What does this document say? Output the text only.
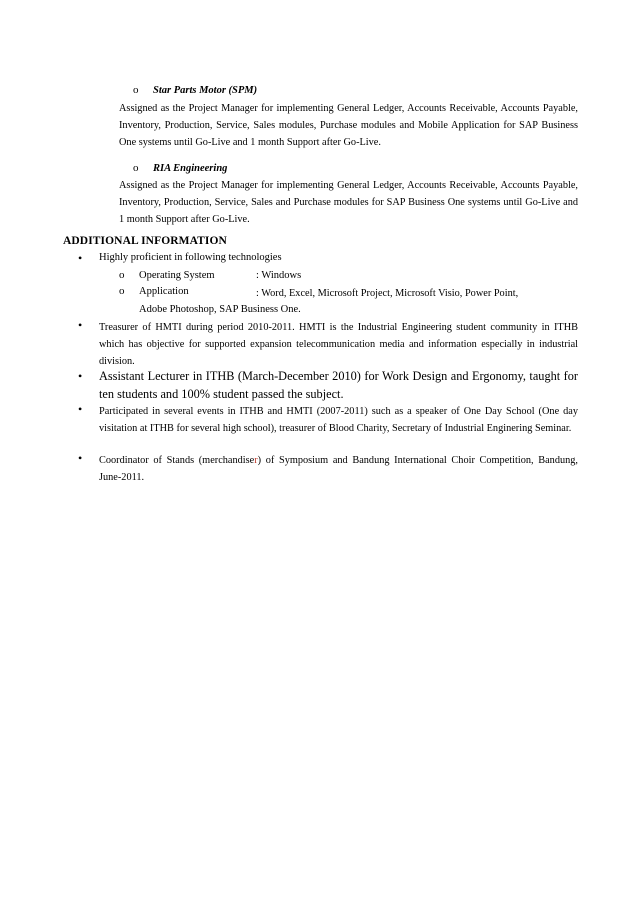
o Star Parts Motor (SPM)
Assigned as the Project Manager for implementing General Ledger, Accounts Receivable, Accounts Payable, Inventory, Production, Service, Sales modules, Purchase modules and Mobile Application for SAP Business One systems until Go-Live and 1 month Support after Go-Live.
o RIA Engineering
Assigned as the Project Manager for implementing General Ledger, Accounts Receivable, Accounts Payable, Inventory, Production, Service, Sales and Purchase modules for SAP Business One systems until Go-Live and 1 month Support after Go-Live.
ADDITIONAL INFORMATION
• Highly proficient in following technologies
o Operating System	: Windows
o Application	: Word, Excel, Microsoft Project, Microsoft Visio, Power Point,
Adobe Photoshop, SAP Business One.
• Treasurer of HMTI during period 2010-2011. HMTI is the Industrial Engineering student community in ITHB which has objective for supported expansion telecommunication media and information especially in industrial division.
• Assistant Lecturer in ITHB (March-December 2010) for Work Design and Ergonomy, taught for ten students and 100% student passed the subject.
• Participated in several events in ITHB and HMTI (2007-2011) such as a speaker of One Day School (One day visitation at ITHB for several high school), treasurer of Blood Charity, Secretary of Industrial Enginering Seminar.
• Coordinator of Stands (merchandiser) of Symposium and Bandung International Choir Competition, Bandung, June-2011.
